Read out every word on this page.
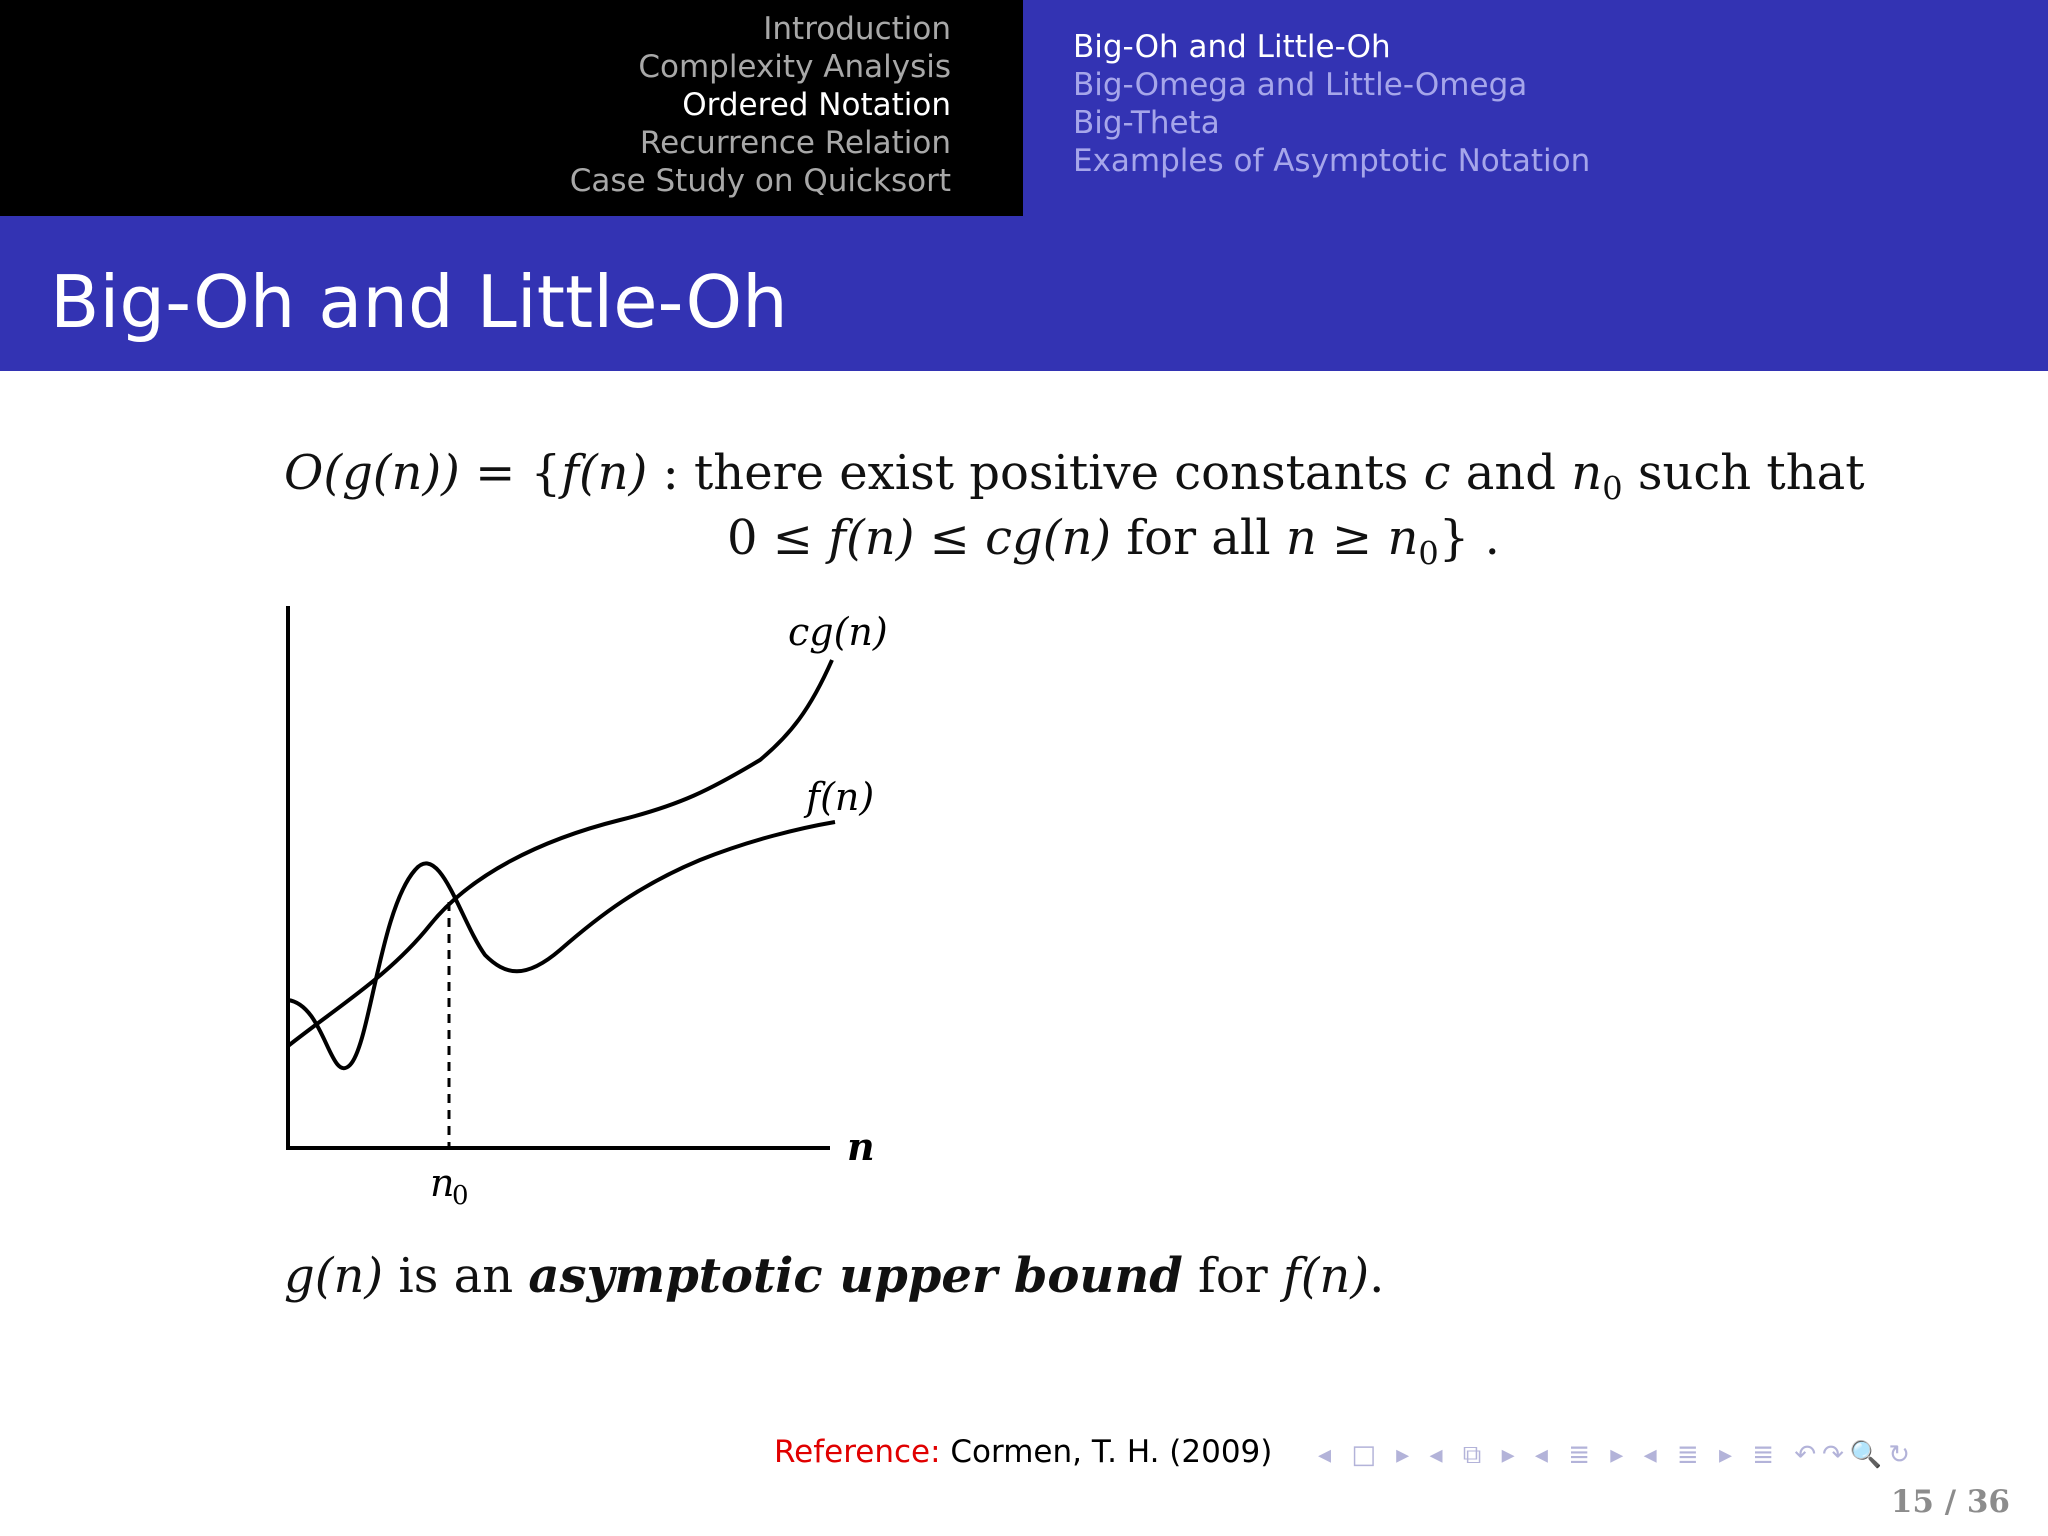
Introduction
Complexity Analysis
Ordered Notation
Recurrence Relation
Case Study on Quicksort
Big-Oh and Little-Oh
Big-Omega and Little-Omega
Big-Theta
Examples of Asymptotic Notation
Big-Oh and Little-Oh
O(g(n)) = {f(n) : there exist positive constants c and $n_0$ such that
0 ≤ f(n) ≤ cg(n) for all $n \ge n_0$} .
cg(n)
f(n)
n
n
0
g(n) is an asymptotic upper bound for f(n).
Reference: Cormen, T. H. (2009) ◂ □ ▸ ◂ ⧉ ▸ ◂ ≣ ▸ ◂ ≣ ▸ ≣ ↶↷🔍↻
15 / 36
